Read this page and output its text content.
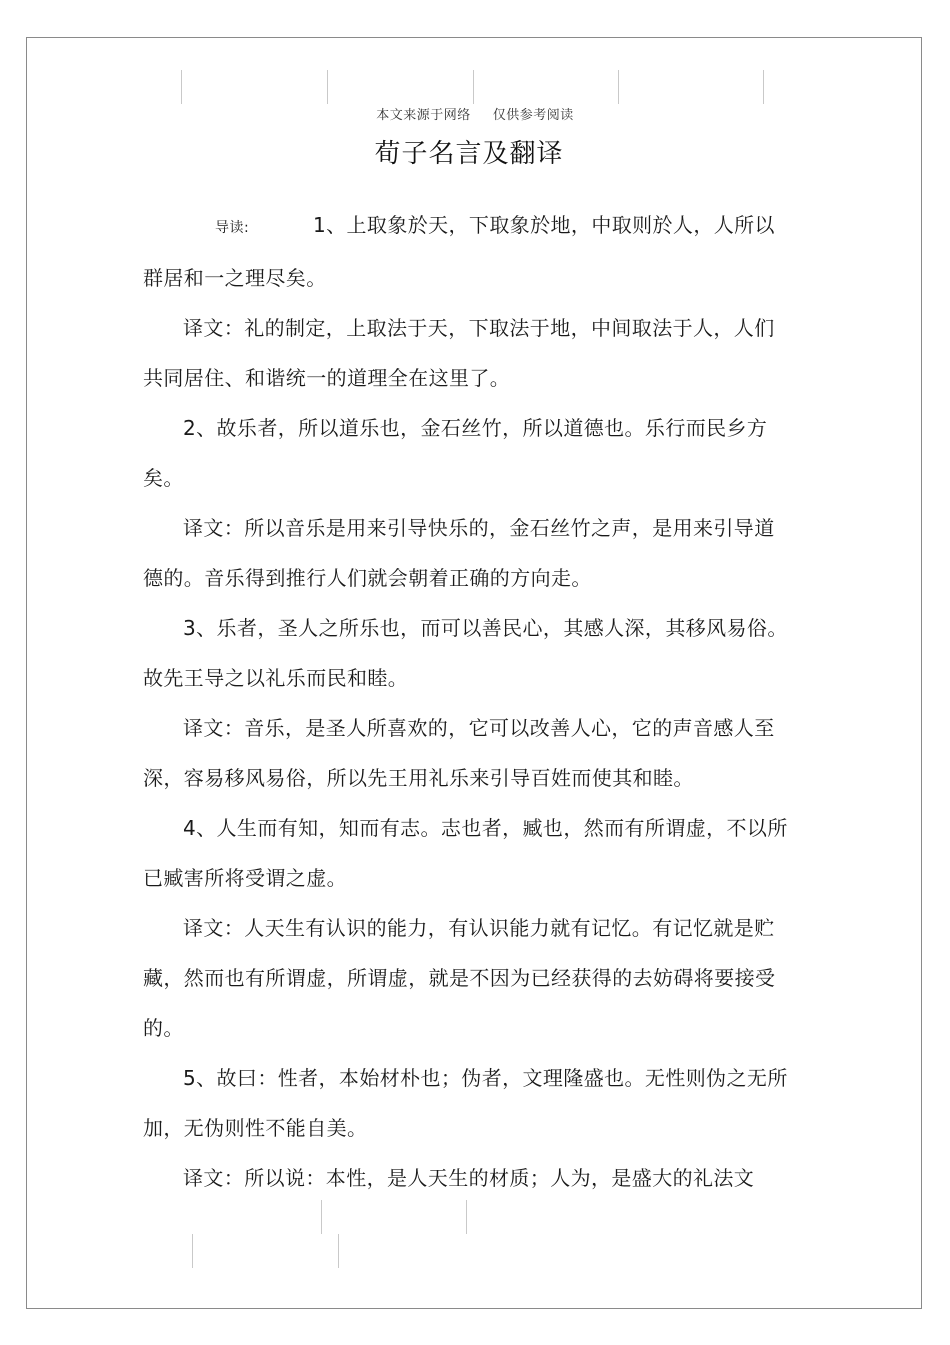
本文来源于网络 仅供参考阅读
荀子名言及翻译

导读:	1、上取象於天，下取象於地，中取则於人，人所以

群居和一之理尽矣。

译文：礼的制定，上取法于天，下取法于地，中间取法于人，人们共同居住、和谐统一的道理全在这里了。

2、故乐者，所以道乐也，金石丝竹，所以道德也。乐行而民乡方矣。

译文：所以音乐是用来引导快乐的，金石丝竹之声，是用来引导道德的。音乐得到推行人们就会朝着正确的方向走。

3、乐者，圣人之所乐也，而可以善民心，其感人深，其移风易俗。故先王导之以礼乐而民和睦。

译文：音乐，是圣人所喜欢的，它可以改善人心，它的声音感人至深，容易移风易俗，所以先王用礼乐来引导百姓而使其和睦。

4、人生而有知，知而有志。志也者，臧也，然而有所谓虚，不以所已臧害所将受谓之虚。

译文：人天生有认识的能力，有认识能力就有记忆。有记忆就是贮藏，然而也有所谓虚，所谓虚，就是不因为已经获得的去妨碍将要接受的。

5、故曰：性者，本始材朴也；伪者，文理隆盛也。无性则伪之无所加，无伪则性不能自美。

译文：所以说：本性，是人天生的材质；人为，是盛大的礼法文
